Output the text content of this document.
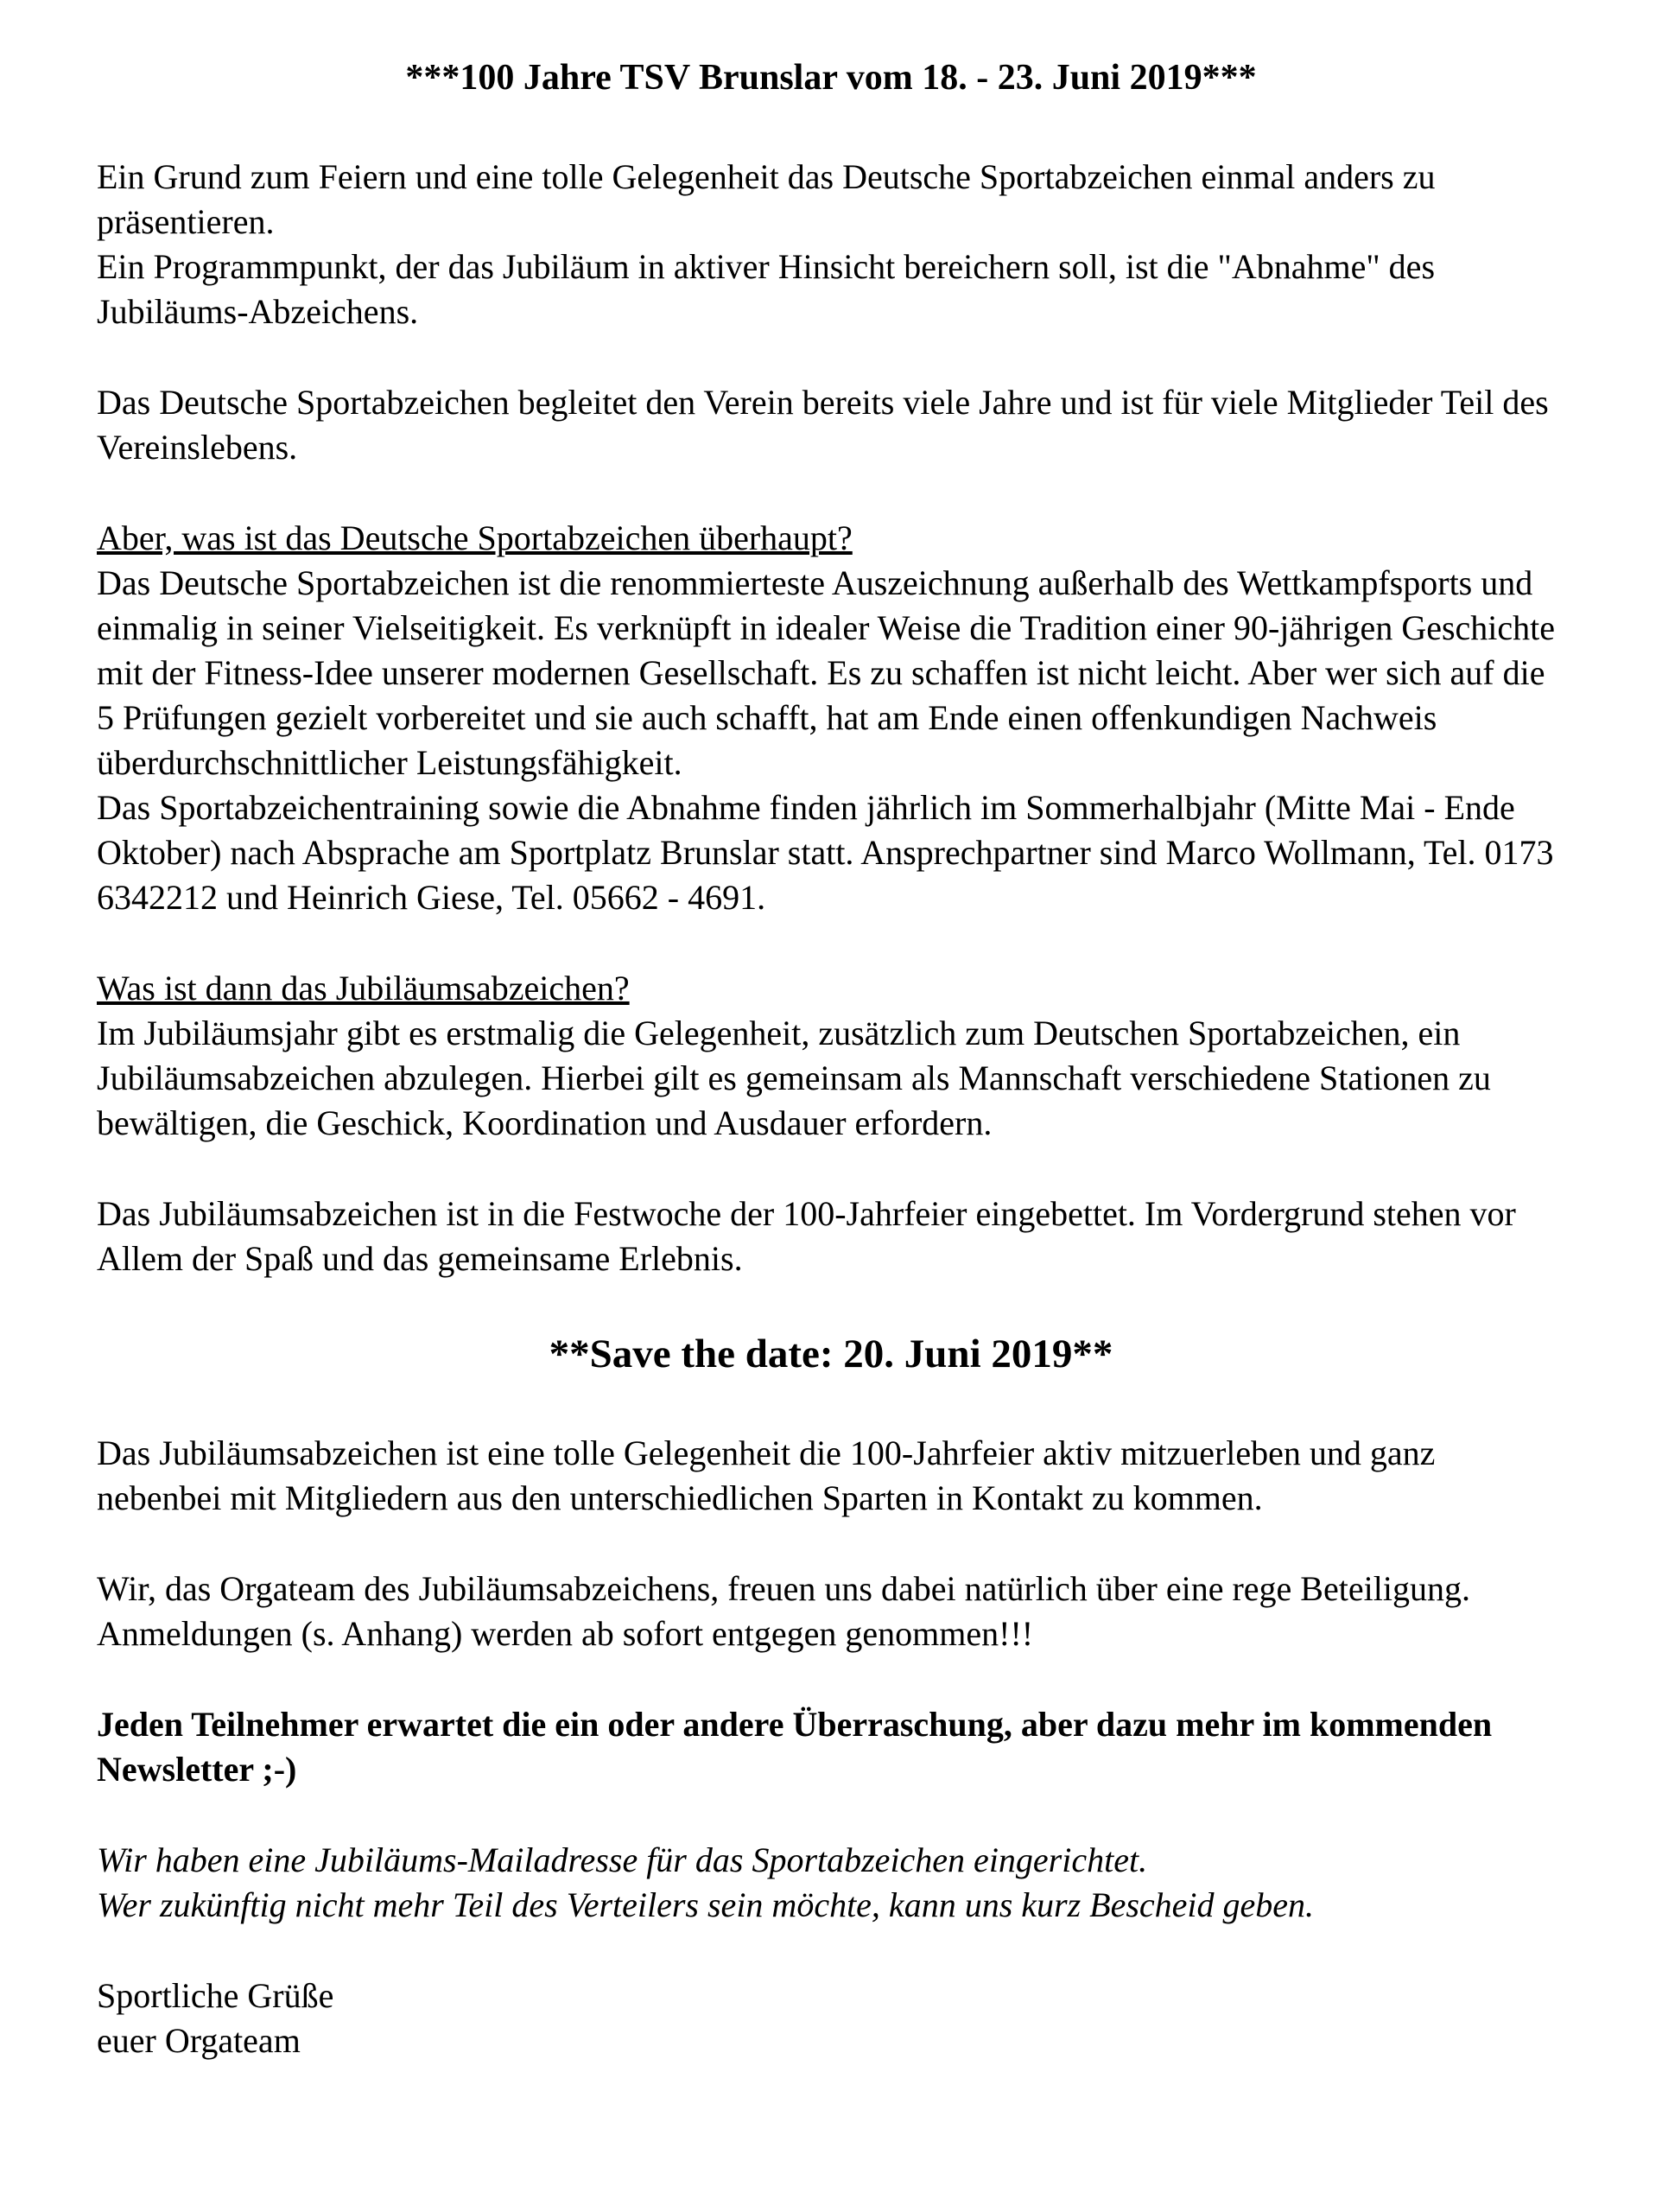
***100 Jahre TSV Brunslar vom 18. - 23. Juni 2019***

Ein Grund zum Feiern und eine tolle Gelegenheit das Deutsche Sportabzeichen einmal anders zu präsentieren.

Ein Programmpunkt, der das Jubiläum in aktiver Hinsicht bereichern soll, ist die "Abnahme" des Jubiläums-Abzeichens.

Das Deutsche Sportabzeichen begleitet den Verein bereits viele Jahre und ist für viele Mitglieder Teil des Vereinslebens.

Aber, was ist das Deutsche Sportabzeichen überhaupt?

Das Deutsche Sportabzeichen ist die renommierteste Auszeichnung außerhalb des Wettkampfsports und einmalig in seiner Vielseitigkeit. Es verknüpft in idealer Weise die Tradition einer 90-jährigen Geschichte mit der Fitness-Idee unserer modernen Gesellschaft. Es zu schaffen ist nicht leicht. Aber wer sich auf die 5 Prüfungen gezielt vorbereitet und sie auch schafft, hat am Ende einen offenkundigen Nachweis überdurchschnittlicher Leistungsfähigkeit.

Das Sportabzeichentraining sowie die Abnahme finden jährlich im Sommerhalbjahr (Mitte Mai - Ende Oktober) nach Absprache am Sportplatz Brunslar statt. Ansprechpartner sind Marco Wollmann, Tel. 0173 6342212 und Heinrich Giese, Tel. 05662 - 4691.

Was ist dann das Jubiläumsabzeichen?

Im Jubiläumsjahr gibt es erstmalig die Gelegenheit, zusätzlich zum Deutschen Sportabzeichen, ein Jubiläumsabzeichen abzulegen. Hierbei gilt es gemeinsam als Mannschaft verschiedene Stationen zu bewältigen, die Geschick, Koordination und Ausdauer erfordern.

Das Jubiläumsabzeichen ist in die Festwoche der 100-Jahrfeier eingebettet. Im Vordergrund stehen vor Allem der Spaß und das gemeinsame Erlebnis.

**Save the date: 20. Juni 2019**

Das Jubiläumsabzeichen ist eine tolle Gelegenheit die 100-Jahrfeier aktiv mitzuerleben und ganz nebenbei mit Mitgliedern aus den unterschiedlichen Sparten in Kontakt zu kommen.

Wir, das Orgateam des Jubiläumsabzeichens, freuen uns dabei natürlich über eine rege Beteiligung.

Anmeldungen (s. Anhang) werden ab sofort entgegen genommen!!!

Jeden Teilnehmer erwartet die ein oder andere Überraschung, aber dazu mehr im kommenden Newsletter ;-)

Wir haben eine Jubiläums-Mailadresse für das Sportabzeichen eingerichtet.

Wer zukünftig nicht mehr Teil des Verteilers sein möchte, kann uns kurz Bescheid geben.

Sportliche Grüße

euer Orgateam
